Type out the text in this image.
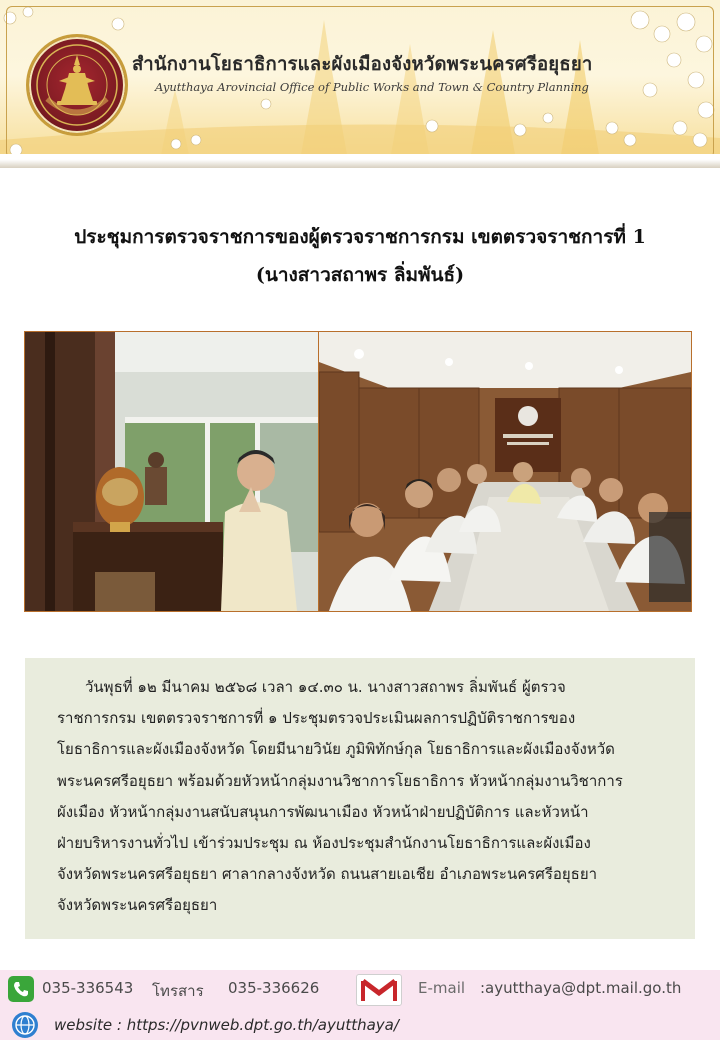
สำนักงานโยธาธิการและผังเมืองจังหวัดพระนครศรีอยุธยา
Ayutthaya Arovincial Office of Public Works and Town & Country Planning
ประชุมการตรวจราชการของผู้ตรวจราชการกรม เขตตรวจราชการที่ 1
(นางสาวสถาพร ลิ่มพันธ์)
วันพุธที่ ๑๒ มีนาคม ๒๕๖๘ เวลา ๑๔.๓๐ น. นางสาวสถาพร ลิ่มพันธ์ ผู้ตรวจ
ราชการกรม เขตตรวจราชการที่ ๑ ประชุมตรวจประเมินผลการปฏิบัติราชการของ
โยธาธิการและผังเมืองจังหวัด โดยมีนายวินัย ภูมิพิทักษ์กุล โยธาธิการและผังเมืองจังหวัด
พระนครศรีอยุธยา พร้อมด้วยหัวหน้ากลุ่มงานวิชาการโยธาธิการ หัวหน้ากลุ่มงานวิชาการ
ผังเมือง หัวหน้ากลุ่มงานสนับสนุนการพัฒนาเมือง หัวหน้าฝ่ายปฏิบัติการ และหัวหน้า
ฝ่ายบริหารงานทั่วไป เข้าร่วมประชุม ณ ห้องประชุมสำนักงานโยธาธิการและผังเมือง
จังหวัดพระนครศรีอยุธยา ศาลากลางจังหวัด ถนนสายเอเชีย อำเภอพระนครศรีอยุธยา
จังหวัดพระนครศรีอยุธยา
035-336543 โทรสาร 035-336626	E-mail :ayutthaya@dpt.mail.go.th
website : https://pvnweb.dpt.go.th/ayutthaya/
